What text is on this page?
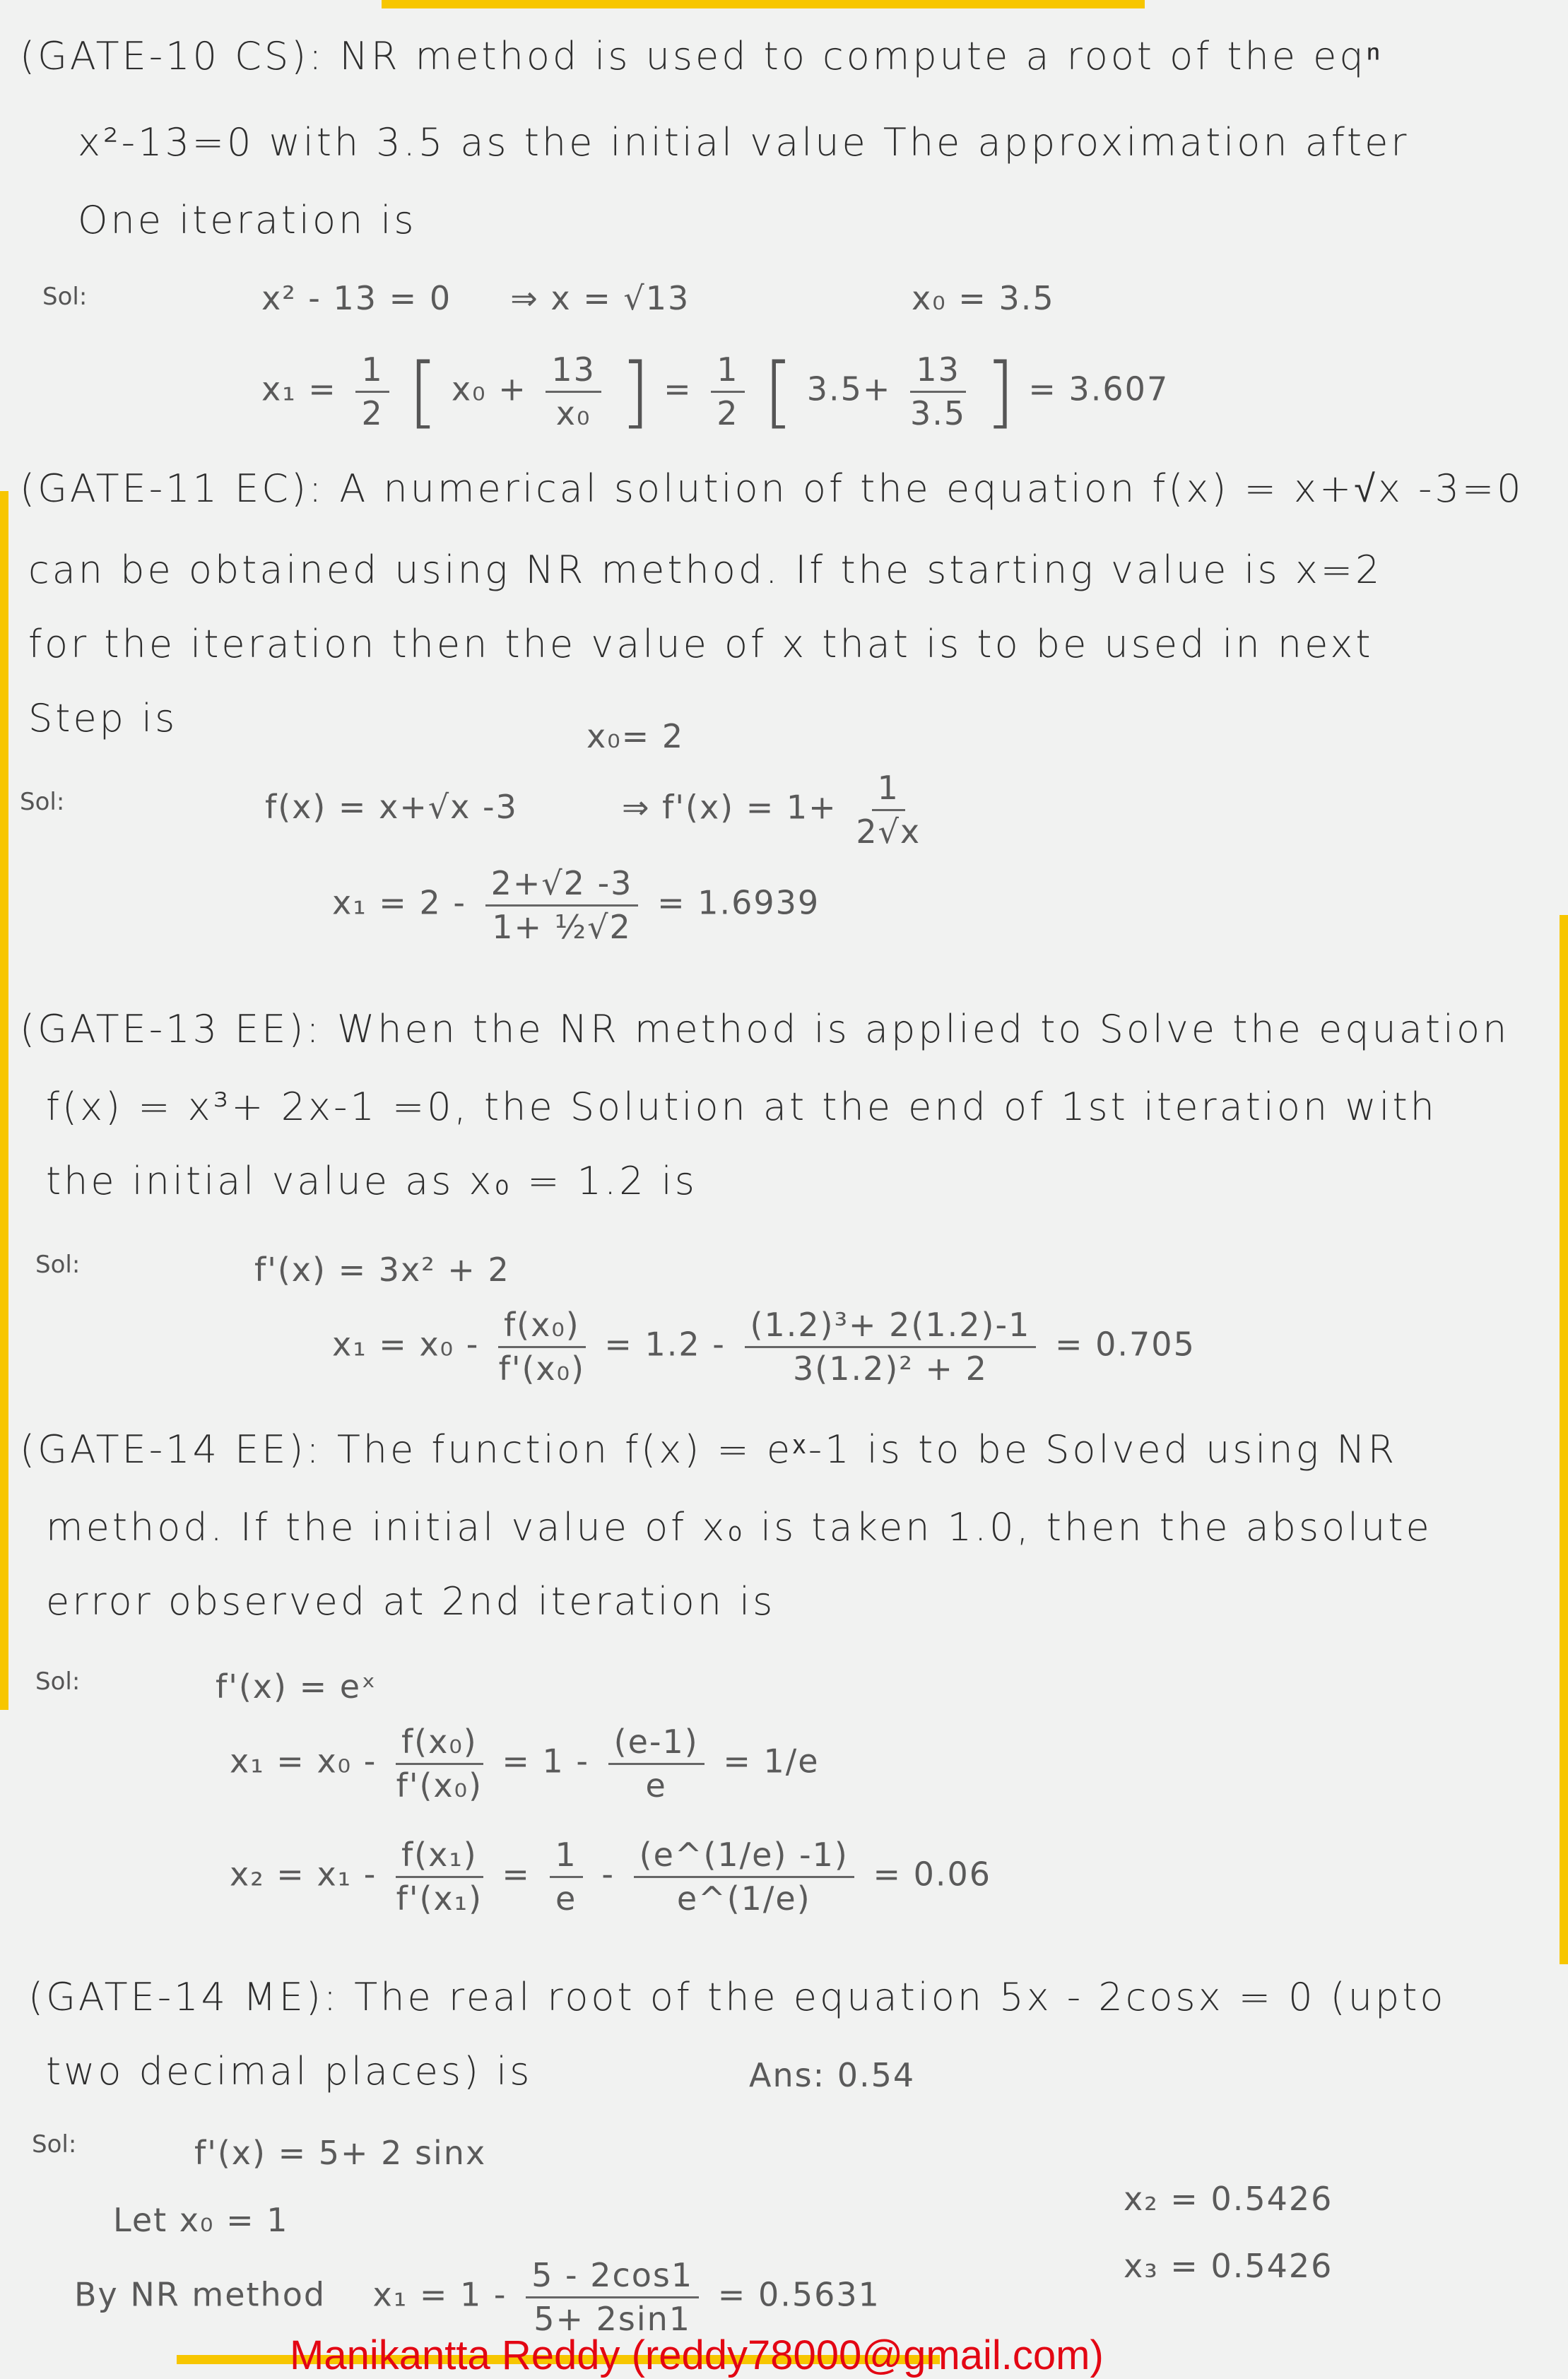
(GATE-10 CS): NR method is used to compute a root of the eqⁿ
x²-13=0 with 3.5 as the initial value The approximation after
One iteration is
Sol:	x² - 13 = 0 ⇒ x = √13	x₀ = 3.5
$x_1 = \frac{1}{2}$ [ $x_0 + \frac{13}{\text{x₀}}$ ] = $\frac{1}{2}$ [ $3.5+ \frac{13}{3.5}$ ] = 3.607
(GATE-11 EC): A numerical solution of the equation f(x) = x+√x -3=0
can be obtained using NR method. If the starting value is x=2
for the iteration then the value of x that is to be used in next
Step is	x₀= 2
Sol:	f(x) = x+√x -3	⇒ $f'(x) = 1+ \frac{1}{2√x}$
$x_1 = 2 - \frac{2+√2 -3}{\text{1+ ½√2}} = 1.6939$
(GATE-13 EE): When the NR method is applied to Solve the equation
f(x) = x³+ 2x-1 =0, the Solution at the end of 1st iteration with
the initial value as x₀ = 1.2 is
Sol:	f'(x) = 3x² + 2
$x_1 = x_0 - \frac{\text{f(x₀)}}{\text{f'(x₀)}} = 1.2 - \frac{\text{(1.2)³+ 2(1.2)-1}}{\text{3(1.2)² + 2}} = 0.705$
(GATE-14 EE): The function f(x) = eˣ-1 is to be Solved using NR
method. If the initial value of x₀ is taken 1.0, then the absolute
error observed at 2nd iteration is
Sol:	f'(x) = eˣ
$x_1 = x_0 - \frac{\text{f(x₀)}}{\text{f'(x₀)}} = 1 - \frac{(e-1)}{e} = 1/e$
$x_2 = x_1 - \frac{\text{f(x₁)}}{\text{f'(x₁)}} = \frac{1}{e} - \frac{(e\^{}(1/e) -1)}{e\^{}(1/e)} = 0.06$
(GATE-14 ME): The real root of the equation 5x - 2cosx = 0 (upto
two decimal places) is	Ans: 0.54
Sol:	f'(x) = 5+ 2 sinx
Let x₀ = 1
x₂ = 0.5426
x₃ = 0.5426
By NR method $x_1 = 1 - \frac{5 - 2\cos 1}{5+ 2\sin 1} = 0.5631$
Manikantta Reddy (reddy78000@gmail.com)
